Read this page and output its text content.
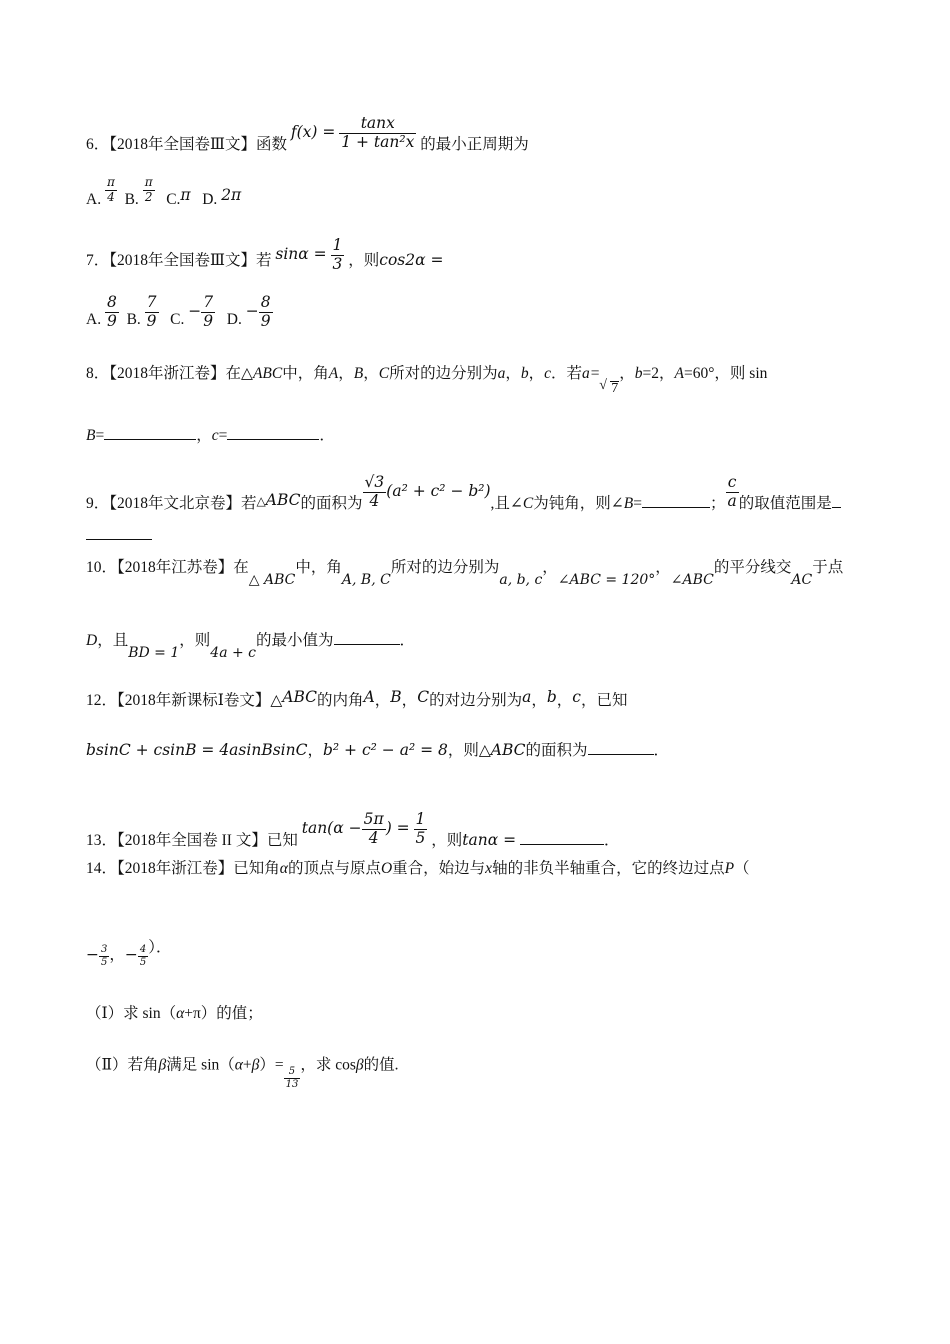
6．【2018年全国卷Ⅲ文】函数 $f(x) = \frac{\tan x}{\text{1 + tan²x}}$ 的最小正周期为
A. $\frac{\pi}{4} B$. $\frac{\pi}{2} C.\pi$ D. 2π
7．【2018年全国卷Ⅲ文】若 $\sin\alpha = \frac{1}{3}$ ，则cos2α =
A. $\frac{8}{9} B$. $\frac{7}{9} C$. − $\frac{7}{9} D$. − $\frac{8}{9}$
8．【2018年浙江卷】在△ABC中，角A，B，C所对的边分别为a，b，c．若a=√ 7，b=2，A=60°，则 sin
B=	，c=	．
9．【2018年文北京卷】若△ABC的面积为 $\frac{√3}{4} (a^2 + c^2 - b^2)$,且∠C为钝角，则∠B=	； $\frac{c}{a}$ 的取值范围是
10．【2018年江苏卷】在△ ABC中，角A, B, C所对的边分别为a, b, c，∠ABC = 120°，∠ABC的平分线交AC于点
D，且BD = 1，则4a + c的最小值为	．
12．【2018年新课标Ⅰ卷文】△ABC的内角A，B，C的对边分别为a，b，c，已知
bsinC + csinB = 4asinBsinC，b² + c² − a² = 8，则△ABC的面积为	．
13．【2018年全国卷 II 文】已知 $\tan(\alpha - \frac{5\pi}{4}$ ) = $\frac{1}{5}$ ，则tanα =	．
14．【2018年浙江卷】已知角α的顶点与原点O重合，始边与x轴的非负半轴重合，它的终边过点P（
− $\frac{3}{5}$ ，− $\frac{4}{5}$ ）．
（Ⅰ）求 sin（α+π）的值；
（Ⅱ）若角β满足 sin（α+β）=
$\frac{5}{13}$
，求 cosβ的值.
